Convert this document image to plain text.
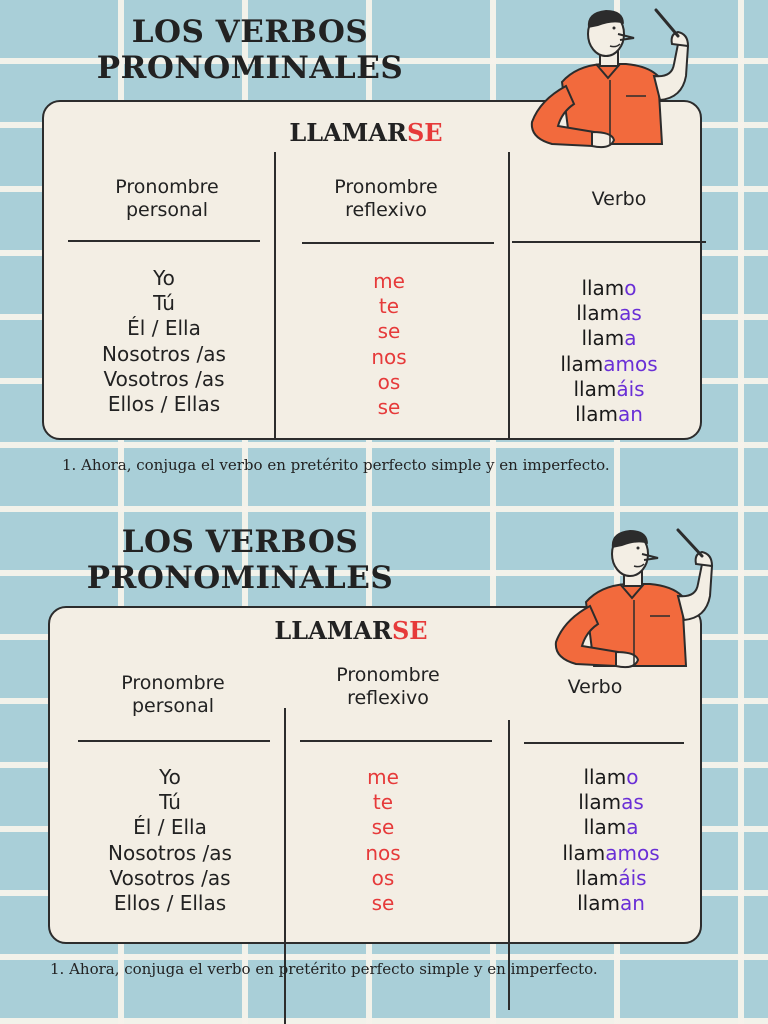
LOS VERBOS
PRONOMINALES
LLAMARSE
Pronombre personal
Pronombre reflexivo	Verbo
Yo
Tú
Él / Ella
Nosotros /as
Vosotros /as
Ellos / Ellas
me
te
se
nos
os
se
llamo
llamas
llama
llamamos
llamáis
llaman
1. Ahora, conjuga el verbo en pretérito perfecto simple y en imperfecto.
LOS VERBOS
PRONOMINALES
LLAMARSE
Pronombre personal
Pronombre reflexivo	Verbo
Yo
Tú
Él / Ella
Nosotros /as
Vosotros /as
Ellos / Ellas
me
te
se
nos
os
se
llamo
llamas
llama
llamamos
llamáis
llaman
1. Ahora, conjuga el verbo en pretérito perfecto simple y en imperfecto.
